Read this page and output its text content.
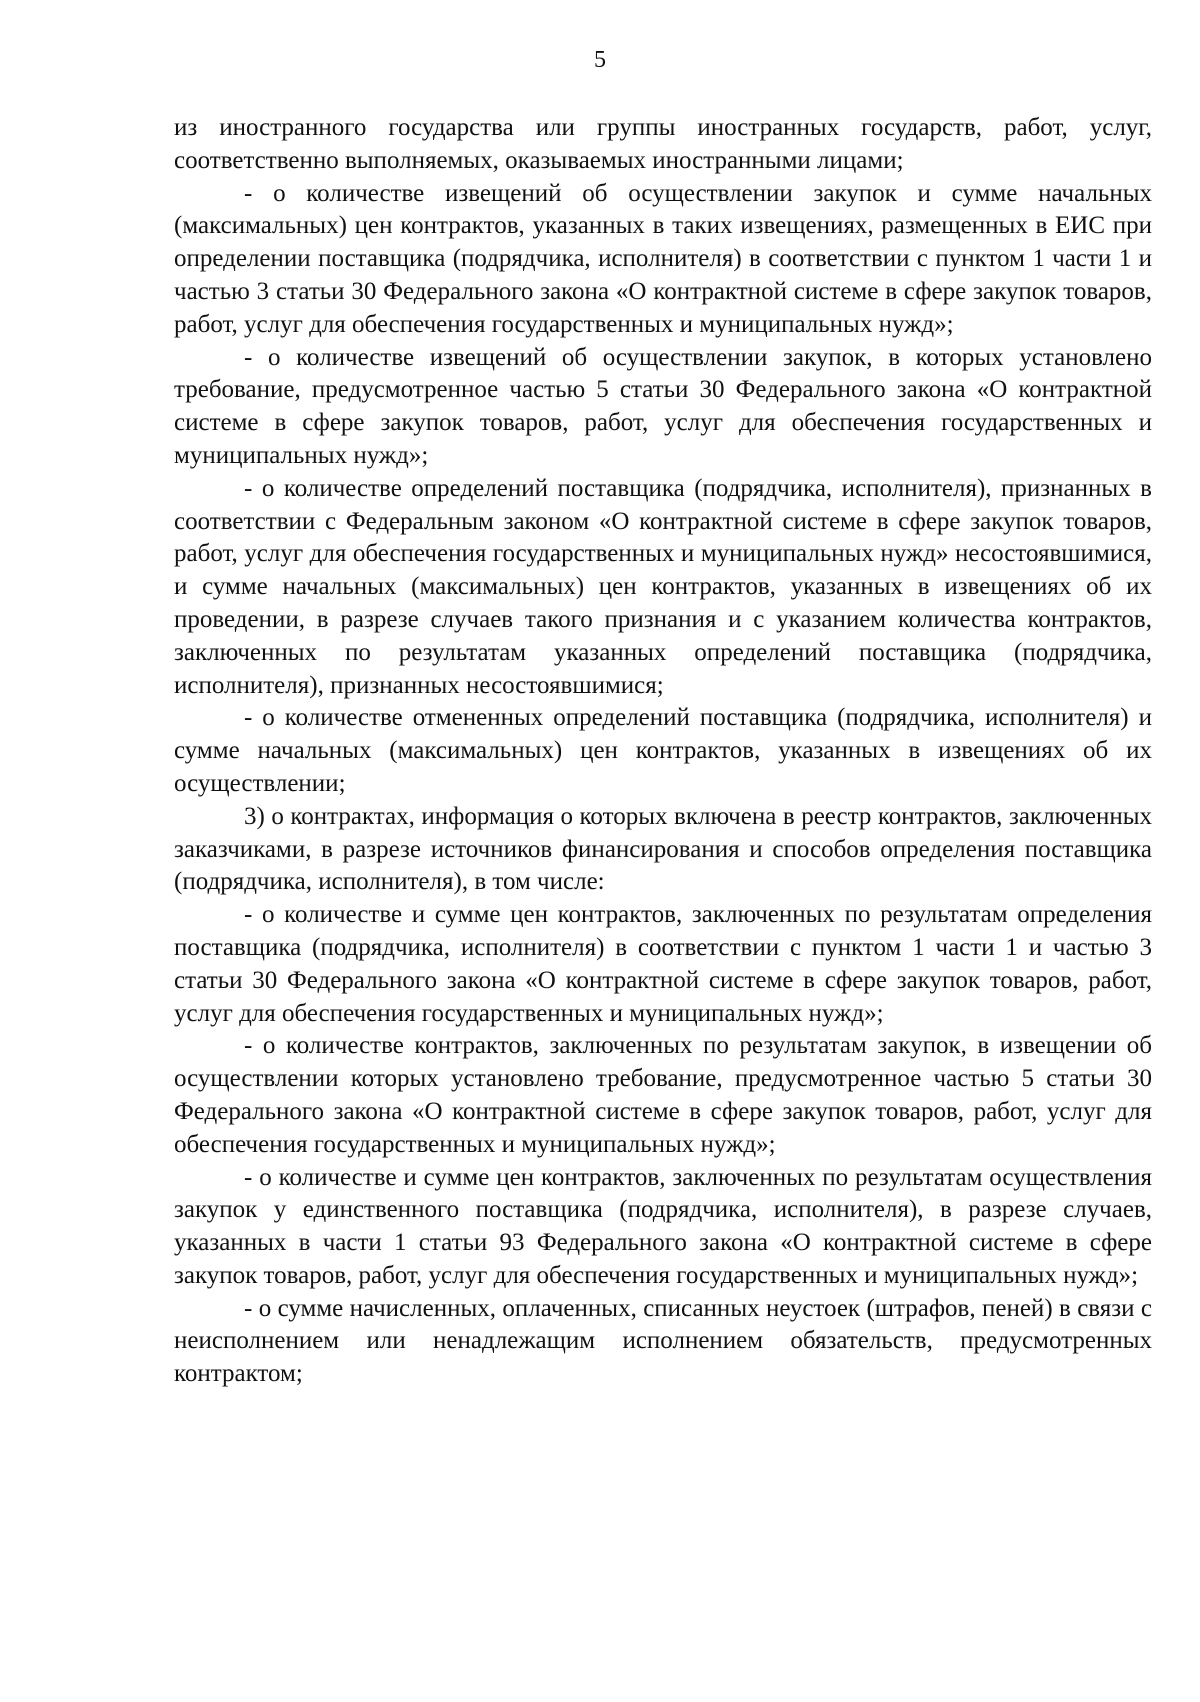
5

из иностранного государства или группы иностранных государств, работ, услуг, соответственно выполняемых, оказываемых иностранными лицами;

- о количестве извещений об осуществлении закупок и сумме начальных (максимальных) цен контрактов, указанных в таких извещениях, размещенных в ЕИС при определении поставщика (подрядчика, исполнителя) в соответствии с пунктом 1 части 1 и частью 3 статьи 30 Федерального закона «О контрактной системе в сфере закупок товаров, работ, услуг для обеспечения государственных и муниципальных нужд»;

- о количестве извещений об осуществлении закупок, в которых установлено требование, предусмотренное частью 5 статьи 30 Федерального закона «О контрактной системе в сфере закупок товаров, работ, услуг для обеспечения государственных и муниципальных нужд»;

- о количестве определений поставщика (подрядчика, исполнителя), признанных в соответствии с Федеральным законом «О контрактной системе в сфере закупок товаров, работ, услуг для обеспечения государственных и муниципальных нужд» несостоявшимися, и сумме начальных (максимальных) цен контрактов, указанных в извещениях об их проведении, в разрезе случаев такого признания и с указанием количества контрактов, заключенных по результатам указанных определений поставщика (подрядчика, исполнителя), признанных несостоявшимися;

- о количестве отмененных определений поставщика (подрядчика, исполнителя) и сумме начальных (максимальных) цен контрактов, указанных в извещениях об их осуществлении;

3) о контрактах, информация о которых включена в реестр контрактов, заключенных заказчиками, в разрезе источников финансирования и способов определения поставщика (подрядчика, исполнителя), в том числе:

- о количестве и сумме цен контрактов, заключенных по результатам определения поставщика (подрядчика, исполнителя) в соответствии с пунктом 1 части 1 и частью 3 статьи 30 Федерального закона «О контрактной системе в сфере закупок товаров, работ, услуг для обеспечения государственных и муниципальных нужд»;

- о количестве контрактов, заключенных по результатам закупок, в извещении об осуществлении которых установлено требование, предусмотренное частью 5 статьи 30 Федерального закона «О контрактной системе в сфере закупок товаров, работ, услуг для обеспечения государственных и муниципальных нужд»;

- о количестве и сумме цен контрактов, заключенных по результатам осуществления закупок у единственного поставщика (подрядчика, исполнителя), в разрезе случаев, указанных в части 1 статьи 93 Федерального закона «О контрактной системе в сфере закупок товаров, работ, услуг для обеспечения государственных и муниципальных нужд»;

- о сумме начисленных, оплаченных, списанных неустоек (штрафов, пеней) в связи с неисполнением или ненадлежащим исполнением обязательств, предусмотренных контрактом;
